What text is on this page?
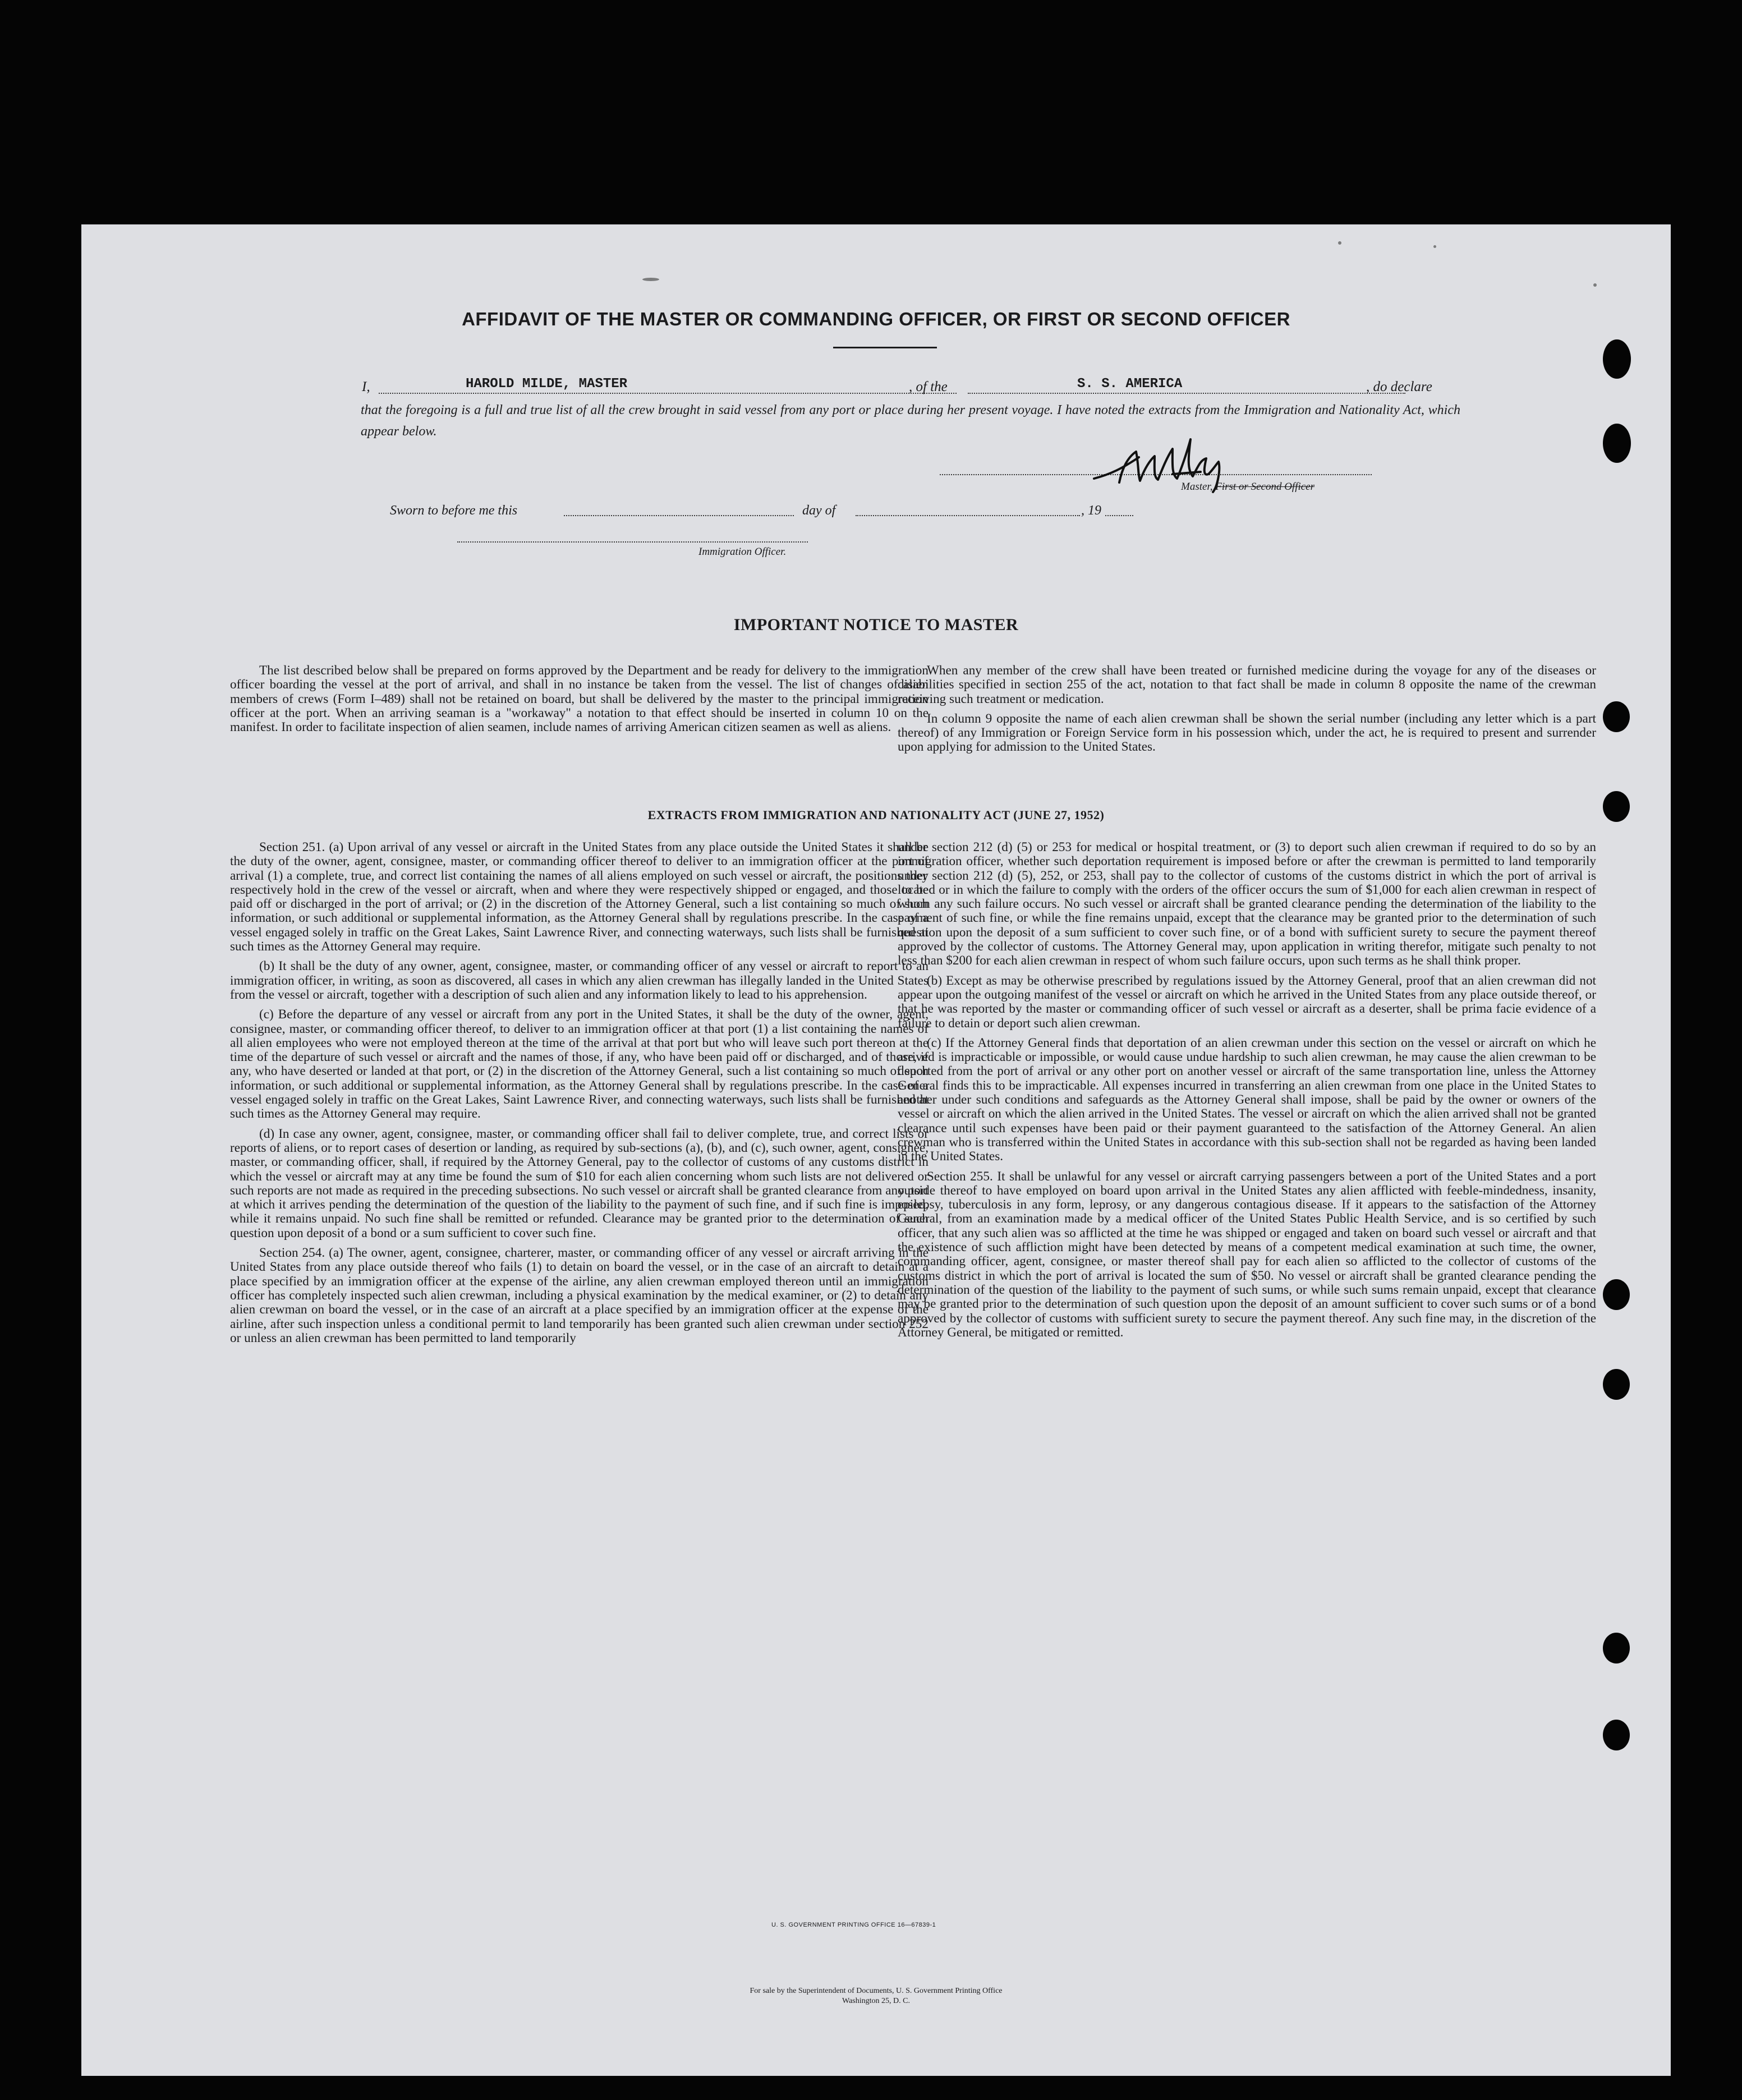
AFFIDAVIT OF THE MASTER OR COMMANDING OFFICER, OR FIRST OR SECOND OFFICER
I,	HAROLD MILDE, MASTER	, of the	S. S. AMERICA	, do declare
that the foregoing is a full and true list of all the crew brought in said vessel from any port or place during her present voyage. I have noted the extracts from the Immigration and Nationality Act, which appear below.
Master, First or Second Officer
Sworn to before me this	day of	, 19
Immigration Officer.
IMPORTANT NOTICE TO MASTER

The list described below shall be prepared on forms approved by the Department and be ready for delivery to the immigration officer boarding the vessel at the port of arrival, and shall in no instance be taken from the vessel. The list of changes of alien members of crews (Form I–489) shall not be retained on board, but shall be delivered by the master to the principal immigration officer at the port. When an arriving seaman is a "workaway" a notation to that effect should be inserted in column 10 on the manifest. In order to facilitate inspection of alien seamen, include names of arriving American citizen seamen as well as aliens.

When any member of the crew shall have been treated or furnished medicine during the voyage for any of the diseases or disabilities specified in section 255 of the act, notation to that fact shall be made in column 8 opposite the name of the crewman receiving such treatment or medication.

In column 9 opposite the name of each alien crewman shall be shown the serial number (including any letter which is a part thereof) of any Immigration or Foreign Service form in his possession which, under the act, he is required to present and surrender upon applying for admission to the United States.

EXTRACTS FROM IMMIGRATION AND NATIONALITY ACT (JUNE 27, 1952)

Section 251. (a) Upon arrival of any vessel or aircraft in the United States from any place outside the United States it shall be the duty of the owner, agent, consignee, master, or commanding officer thereof to deliver to an immigration officer at the port of arrival (1) a complete, true, and correct list containing the names of all aliens employed on such vessel or aircraft, the positions they respectively hold in the crew of the vessel or aircraft, when and where they were respectively shipped or engaged, and those to be paid off or discharged in the port of arrival; or (2) in the discretion of the Attorney General, such a list containing so much of such information, or such additional or supplemental information, as the Attorney General shall by regulations prescribe. In the case of a vessel engaged solely in traffic on the Great Lakes, Saint Lawrence River, and connecting waterways, such lists shall be furnished at such times as the Attorney General may require.

(b) It shall be the duty of any owner, agent, consignee, master, or commanding officer of any vessel or aircraft to report to an immigration officer, in writing, as soon as discovered, all cases in which any alien crewman has illegally landed in the United States from the vessel or aircraft, together with a description of such alien and any information likely to lead to his apprehension.

(c) Before the departure of any vessel or aircraft from any port in the United States, it shall be the duty of the owner, agent, consignee, master, or commanding officer thereof, to deliver to an immigration officer at that port (1) a list containing the names of all alien employees who were not employed thereon at the time of the arrival at that port but who will leave such port thereon at the time of the departure of such vessel or aircraft and the names of those, if any, who have been paid off or discharged, and of those, if any, who have deserted or landed at that port, or (2) in the discretion of the Attorney General, such a list containing so much of such information, or such additional or supplemental information, as the Attorney General shall by regulations prescribe. In the case of a vessel engaged solely in traffic on the Great Lakes, Saint Lawrence River, and connecting waterways, such lists shall be furnished at such times as the Attorney General may require.

(d) In case any owner, agent, consignee, master, or commanding officer shall fail to deliver complete, true, and correct lists or reports of aliens, or to report cases of desertion or landing, as required by sub-sections (a), (b), and (c), such owner, agent, consignee, master, or commanding officer, shall, if required by the Attorney General, pay to the collector of customs of any customs district in which the vessel or aircraft may at any time be found the sum of $10 for each alien concerning whom such lists are not delivered or such reports are not made as required in the preceding subsections. No such vessel or aircraft shall be granted clearance from any port at which it arrives pending the determination of the question of the liability to the payment of such fine, and if such fine is imposed, while it remains unpaid. No such fine shall be remitted or refunded. Clearance may be granted prior to the determination of such question upon deposit of a bond or a sum sufficient to cover such fine.

Section 254. (a) The owner, agent, consignee, charterer, master, or commanding officer of any vessel or aircraft arriving in the United States from any place outside thereof who fails (1) to detain on board the vessel, or in the case of an aircraft to detain at a place specified by an immigration officer at the expense of the airline, any alien crewman employed thereon until an immigration officer has completely inspected such alien crewman, including a physical examination by the medical examiner, or (2) to detain any alien crewman on board the vessel, or in the case of an aircraft at a place specified by an immigration officer at the expense of the airline, after such inspection unless a conditional permit to land temporarily has been granted such alien crewman under section 252 or unless an alien crewman has been permitted to land temporarily

under section 212 (d) (5) or 253 for medical or hospital treatment, or (3) to deport such alien crewman if required to do so by an immigration officer, whether such deportation requirement is imposed before or after the crewman is permitted to land temporarily under section 212 (d) (5), 252, or 253, shall pay to the collector of customs of the customs district in which the port of arrival is located or in which the failure to comply with the orders of the officer occurs the sum of $1,000 for each alien crewman in respect of whom any such failure occurs. No such vessel or aircraft shall be granted clearance pending the determination of the liability to the payment of such fine, or while the fine remains unpaid, except that the clearance may be granted prior to the determination of such question upon the deposit of a sum sufficient to cover such fine, or of a bond with sufficient surety to secure the payment thereof approved by the collector of customs. The Attorney General may, upon application in writing therefor, mitigate such penalty to not less than $200 for each alien crewman in respect of whom such failure occurs, upon such terms as he shall think proper.

(b) Except as may be otherwise prescribed by regulations issued by the Attorney General, proof that an alien crewman did not appear upon the outgoing manifest of the vessel or aircraft on which he arrived in the United States from any place outside thereof, or that he was reported by the master or commanding officer of such vessel or aircraft as a deserter, shall be prima facie evidence of a failure to detain or deport such alien crewman.

(c) If the Attorney General finds that deportation of an alien crewman under this section on the vessel or aircraft on which he arrived is impracticable or impossible, or would cause undue hardship to such alien crewman, he may cause the alien crewman to be deported from the port of arrival or any other port on another vessel or aircraft of the same transportation line, unless the Attorney General finds this to be impracticable. All expenses incurred in transferring an alien crewman from one place in the United States to another under such conditions and safeguards as the Attorney General shall impose, shall be paid by the owner or owners of the vessel or aircraft on which the alien arrived in the United States. The vessel or aircraft on which the alien arrived shall not be granted clearance until such expenses have been paid or their payment guaranteed to the satisfaction of the Attorney General. An alien crewman who is transferred within the United States in accordance with this sub-section shall not be regarded as having been landed in the United States.

Section 255. It shall be unlawful for any vessel or aircraft carrying passengers between a port of the United States and a port outside thereof to have employed on board upon arrival in the United States any alien afflicted with feeble-mindedness, insanity, epilepsy, tuberculosis in any form, leprosy, or any dangerous contagious disease. If it appears to the satisfaction of the Attorney General, from an examination made by a medical officer of the United States Public Health Service, and is so certified by such officer, that any such alien was so afflicted at the time he was shipped or engaged and taken on board such vessel or aircraft and that the existence of such affliction might have been detected by means of a competent medical examination at such time, the owner, commanding officer, agent, consignee, or master thereof shall pay for each alien so afflicted to the collector of customs of the customs district in which the port of arrival is located the sum of $50. No vessel or aircraft shall be granted clearance pending the determination of the question of the liability to the payment of such sums, or while such sums remain unpaid, except that clearance may be granted prior to the determination of such question upon the deposit of an amount sufficient to cover such sums or of a bond approved by the collector of customs with sufficient surety to secure the payment thereof. Any such fine may, in the discretion of the Attorney General, be mitigated or remitted.

U. S. GOVERNMENT PRINTING OFFICE 16—67839-1
For sale by the Superintendent of Documents, U. S. Government Printing Office
Washington 25, D. C.
